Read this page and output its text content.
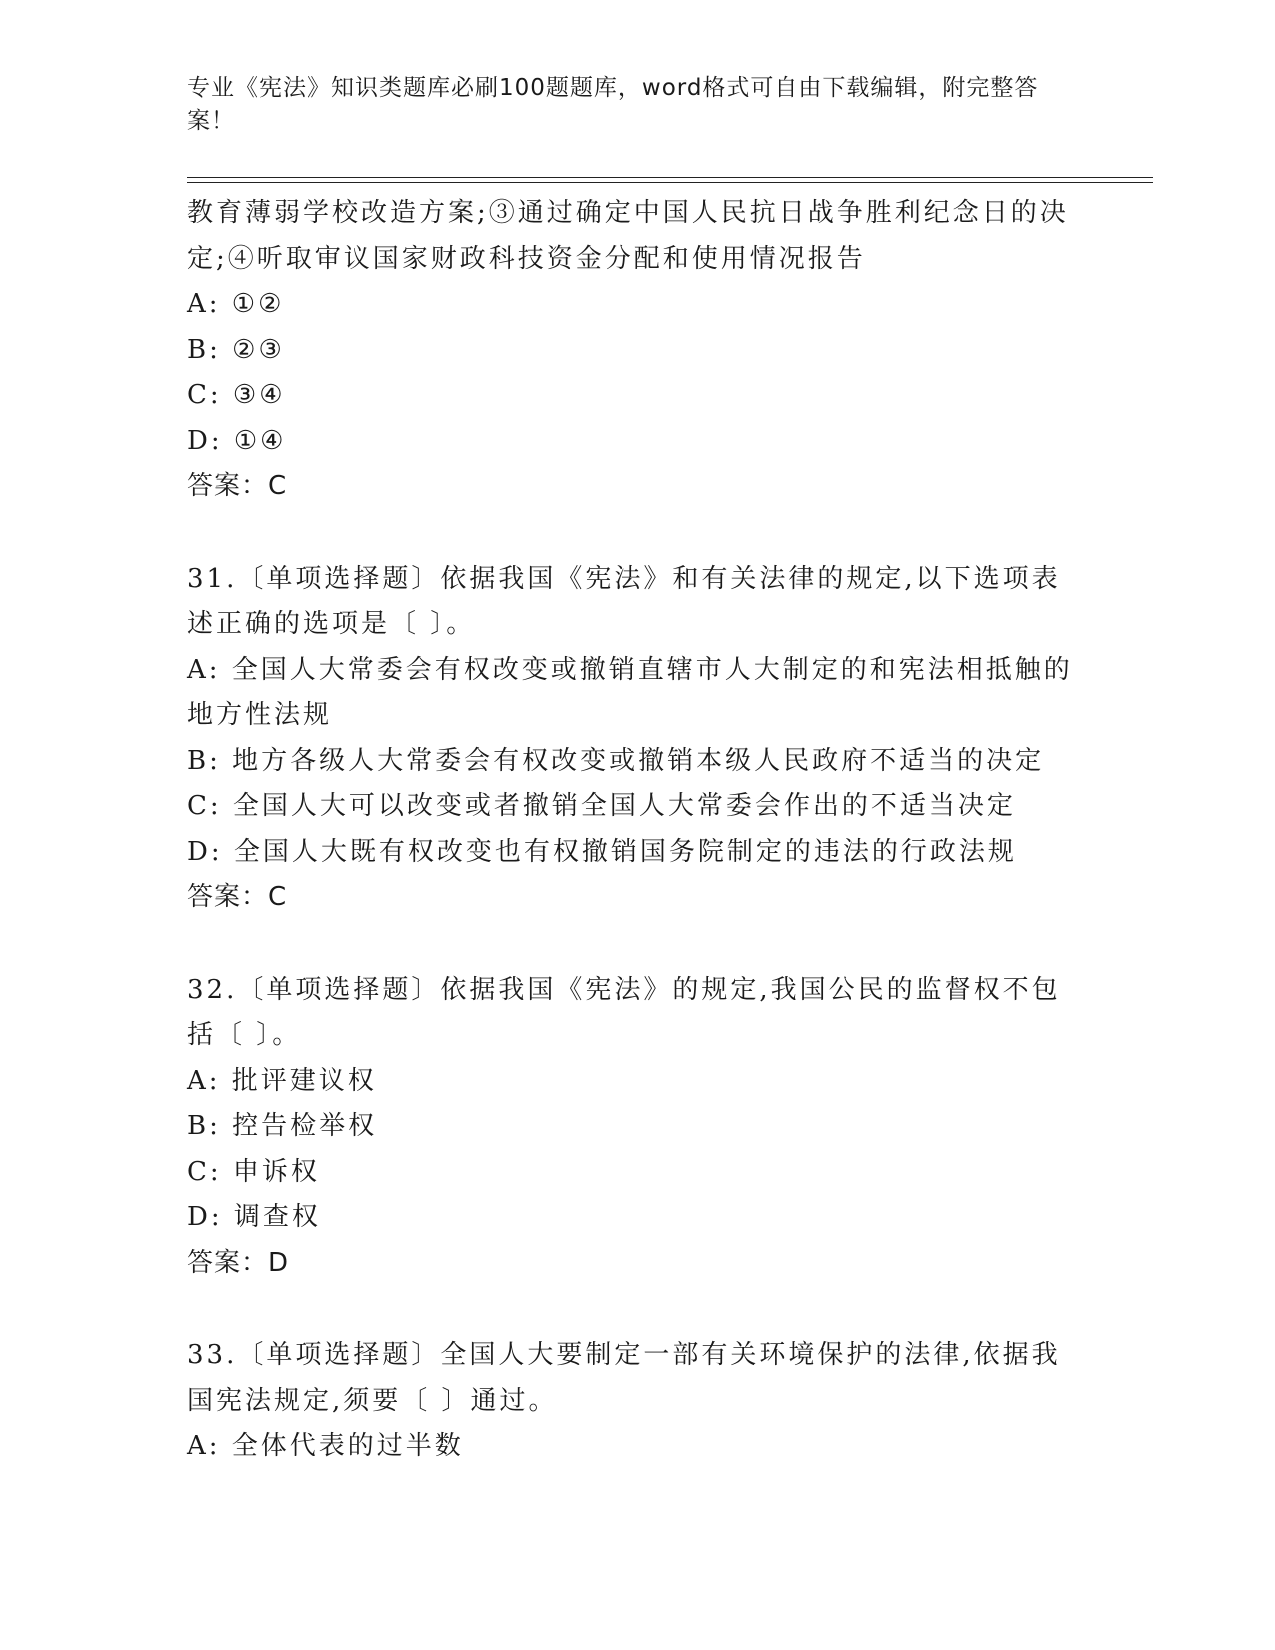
专业《宪法》知识类题库必刷100题题库，word格式可自由下载编辑，附完整答
案！
教育薄弱学校改造方案;③通过确定中国人民抗日战争胜利纪念日的决
定;④听取审议国家财政科技资金分配和使用情况报告
A: ①②
B: ②③
C: ③④
D: ①④
答案：C
31.〔单项选择题〕依据我国《宪法》和有关法律的规定,以下选项表
述正确的选项是〔 〕。
A: 全国人大常委会有权改变或撤销直辖市人大制定的和宪法相抵触的
地方性法规
B: 地方各级人大常委会有权改变或撤销本级人民政府不适当的决定
C: 全国人大可以改变或者撤销全国人大常委会作出的不适当决定
D: 全国人大既有权改变也有权撤销国务院制定的违法的行政法规
答案：C
32.〔单项选择题〕依据我国《宪法》的规定,我国公民的监督权不包
括〔 〕。
A: 批评建议权
B: 控告检举权
C: 申诉权
D: 调查权
答案：D
33.〔单项选择题〕全国人大要制定一部有关环境保护的法律,依据我
国宪法规定,须要〔 〕通过。
A: 全体代表的过半数
